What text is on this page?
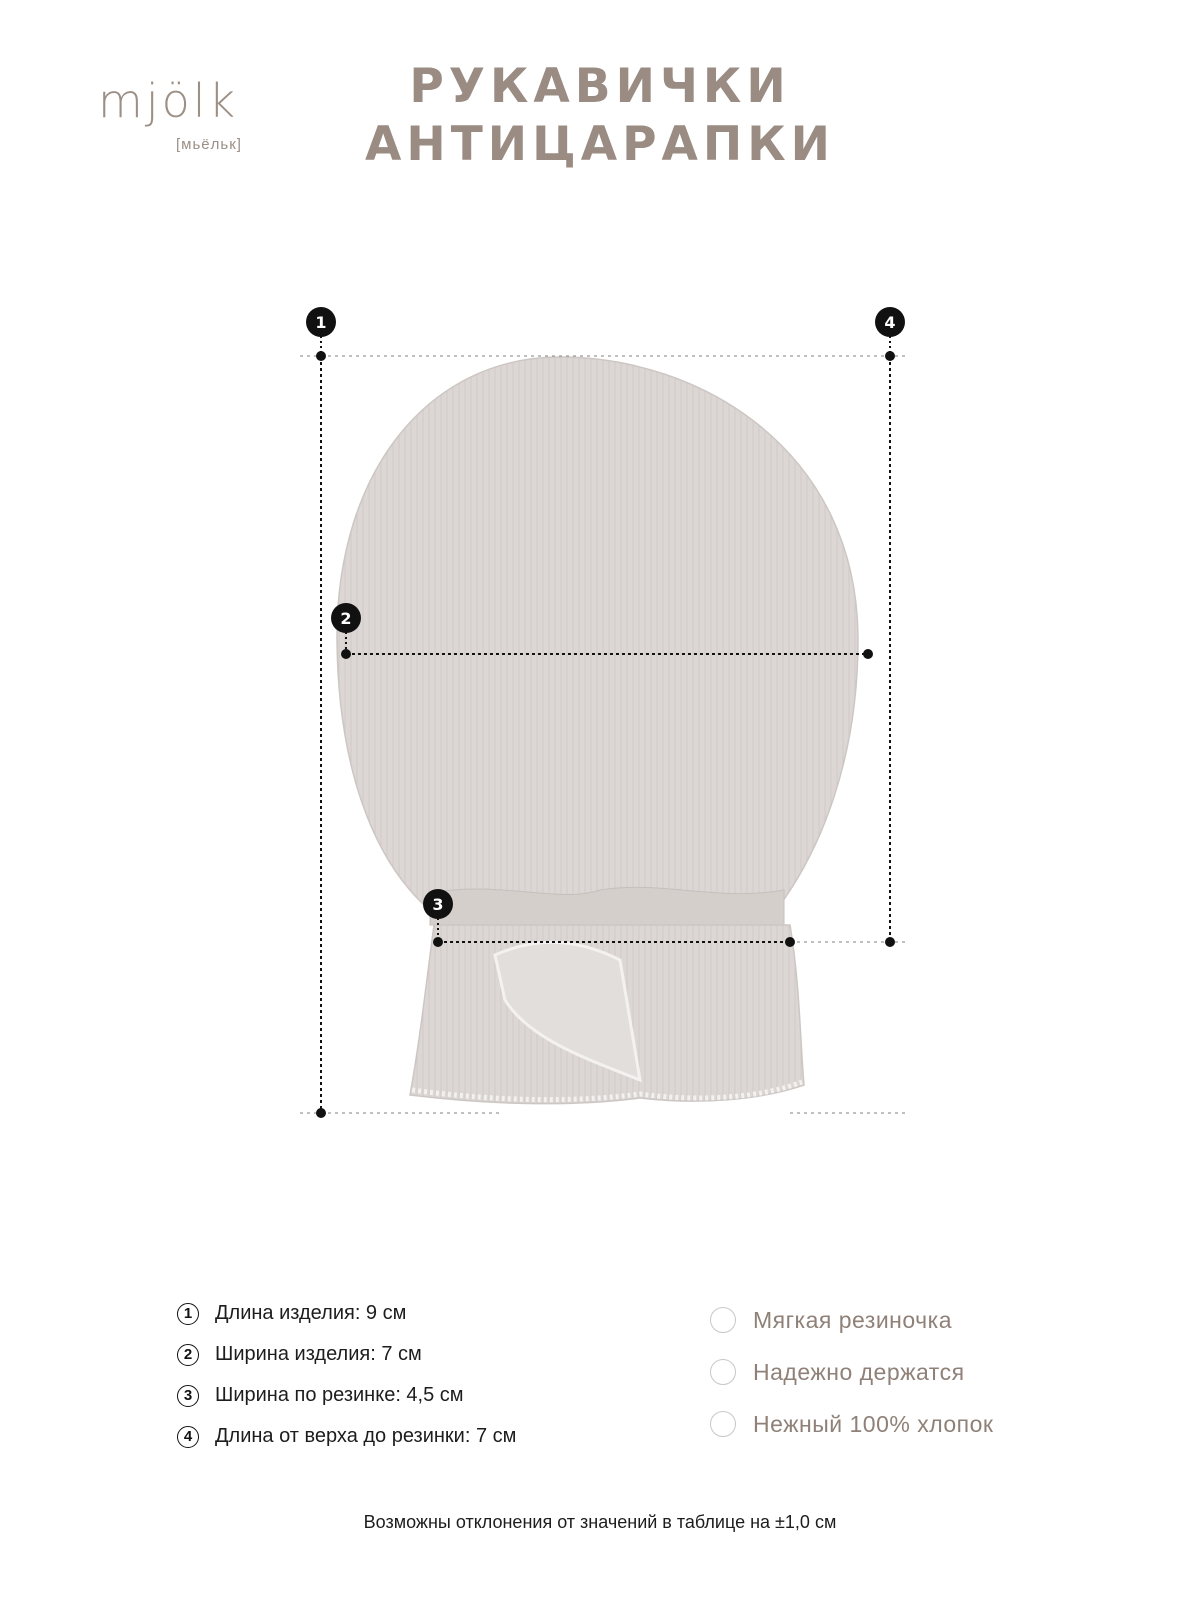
mjölk
[мьёльк]
РУКАВИЧКИ
АНТИЦАРАПКИ
1	4
2
3
1	Длина изделия: 9 см
2	Ширина изделия: 7 см
3	Ширина по резинке: 4,5 см
4	Длина от верха до резинки: 7 см
Мягкая резиночка
Надежно держатся
Нежный 100% хлопок
Возможны отклонения от значений в таблице на ±1,0 см
